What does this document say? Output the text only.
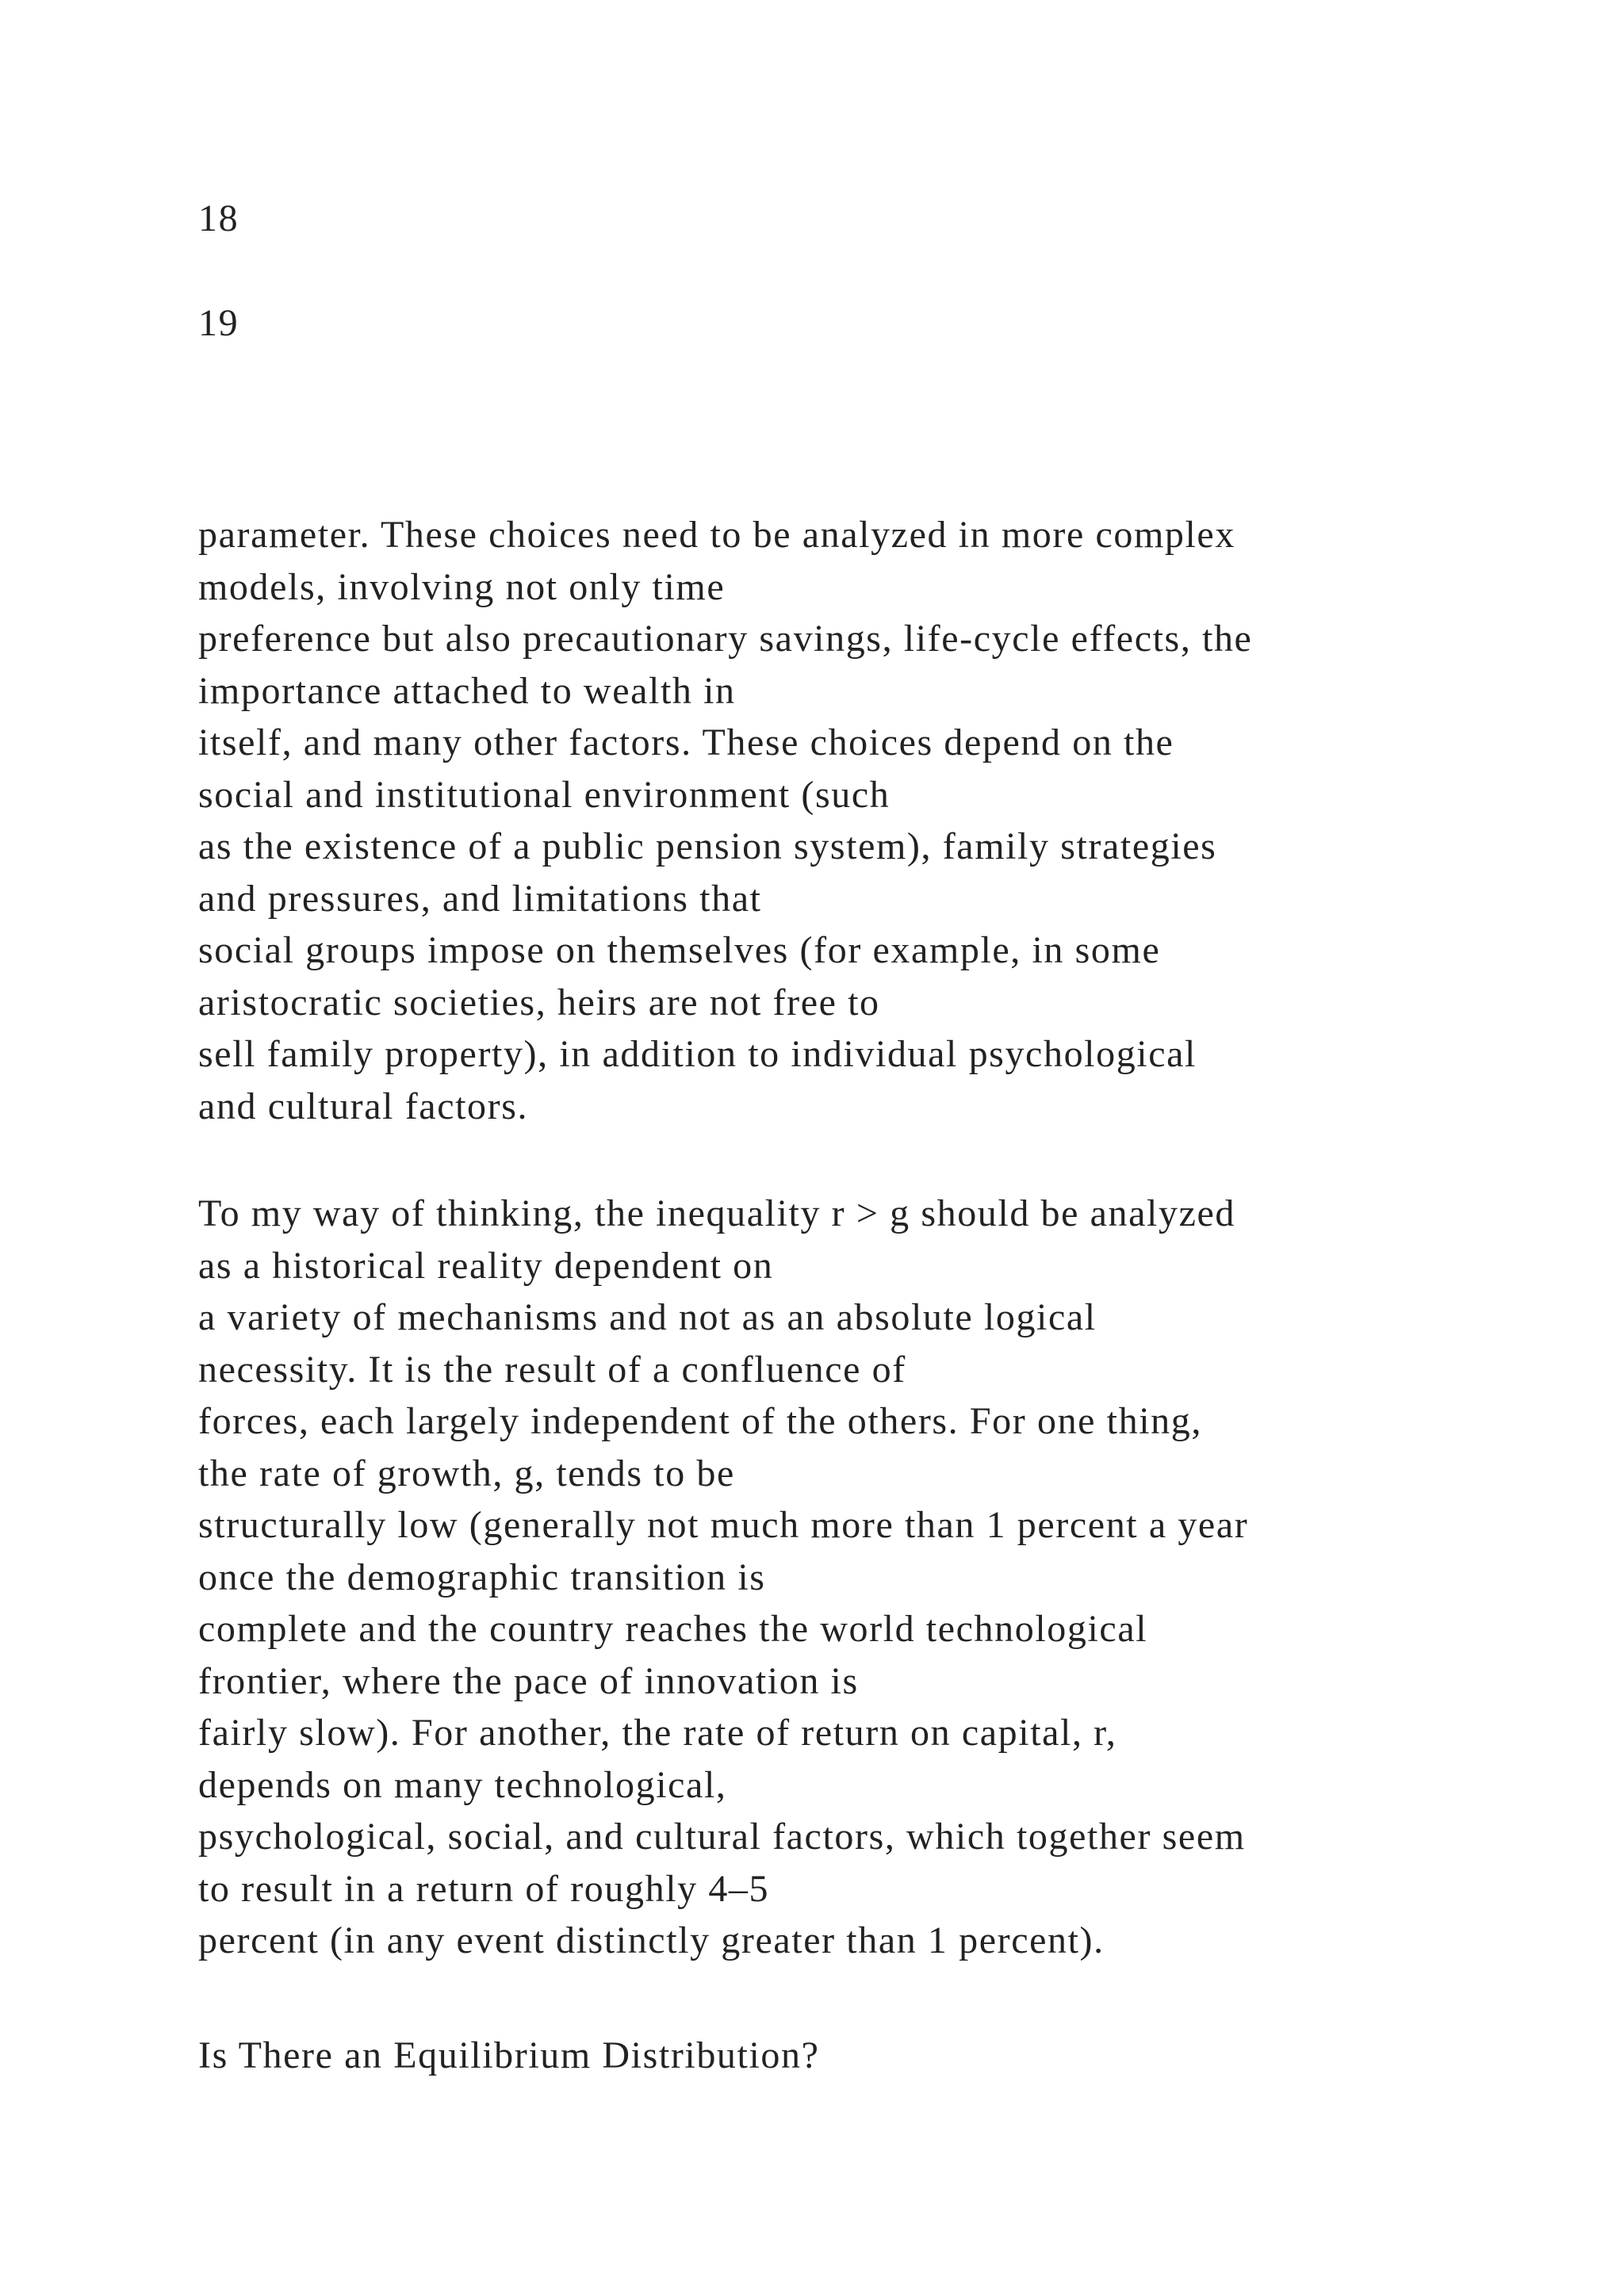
18
19
parameter. These choices need to be analyzed in more complex
models, involving not only time
preference but also precautionary savings, life-cycle effects, the
importance attached to wealth in
itself, and many other factors. These choices depend on the
social and institutional environment (such
as the existence of a public pension system), family strategies
and pressures, and limitations that
social groups impose on themselves (for example, in some
aristocratic societies, heirs are not free to
sell family property), in addition to individual psychological
and cultural factors.
To my way of thinking, the inequality r > g should be analyzed
as a historical reality dependent on
a variety of mechanisms and not as an absolute logical
necessity. It is the result of a confluence of
forces, each largely independent of the others. For one thing,
the rate of growth, g, tends to be
structurally low (generally not much more than 1 percent a year
once the demographic transition is
complete and the country reaches the world technological
frontier, where the pace of innovation is
fairly slow). For another, the rate of return on capital, r,
depends on many technological,
psychological, social, and cultural factors, which together seem
to result in a return of roughly 4–5
percent (in any event distinctly greater than 1 percent).
Is There an Equilibrium Distribution?
